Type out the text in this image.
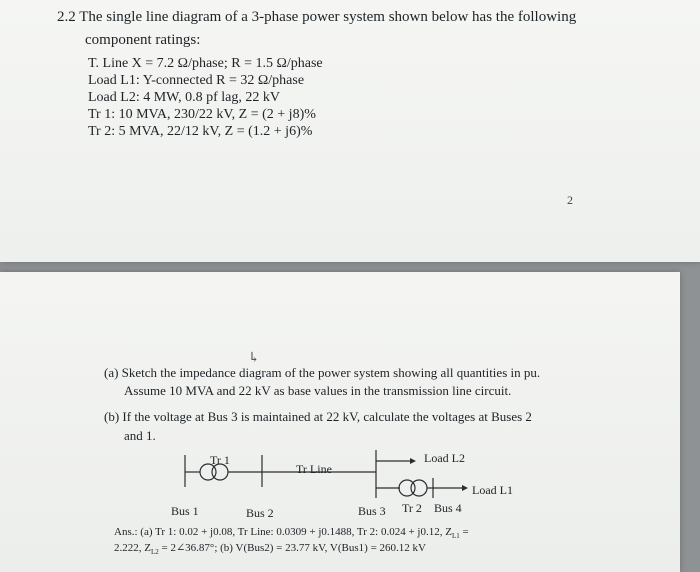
2.2 The single line diagram of a 3-phase power system shown below has the following
component ratings:
T. Line X = 7.2 Ω/phase; R = 1.5 Ω/phase
Load L1: Y-connected R = 32 Ω/phase
Load L2: 4 MW, 0.8 pf lag, 22 kV
Tr 1: 10 MVA, 230/22 kV, Z = (2 + j8)%
Tr 2: 5 MVA, 22/12 kV, Z = (1.2 + j6)%
2
(a) Sketch the impedance diagram of the power system showing all quantities in pu.
Assume 10 MVA and 22 kV as base values in the transmission line circuit.
(b) If the voltage at Bus 3 is maintained at 22 kV, calculate the voltages at Buses 2
and 1.
Tr 1
Tr Line
Load L2
Load L1
Bus 1	Bus 2	Bus 3 Tr 2 Bus 4
Ans.: (a) Tr 1: 0.02 + j0.08, Tr Line: 0.0309 + j0.1488, Tr 2: 0.024 + j0.12, $Z_{L1}$ =
2.222, $Z_{L2}$ = 2∠36.87°; (b) V(Bus2) = 23.77 kV, V(Bus1) = 260.12 kV
↳
